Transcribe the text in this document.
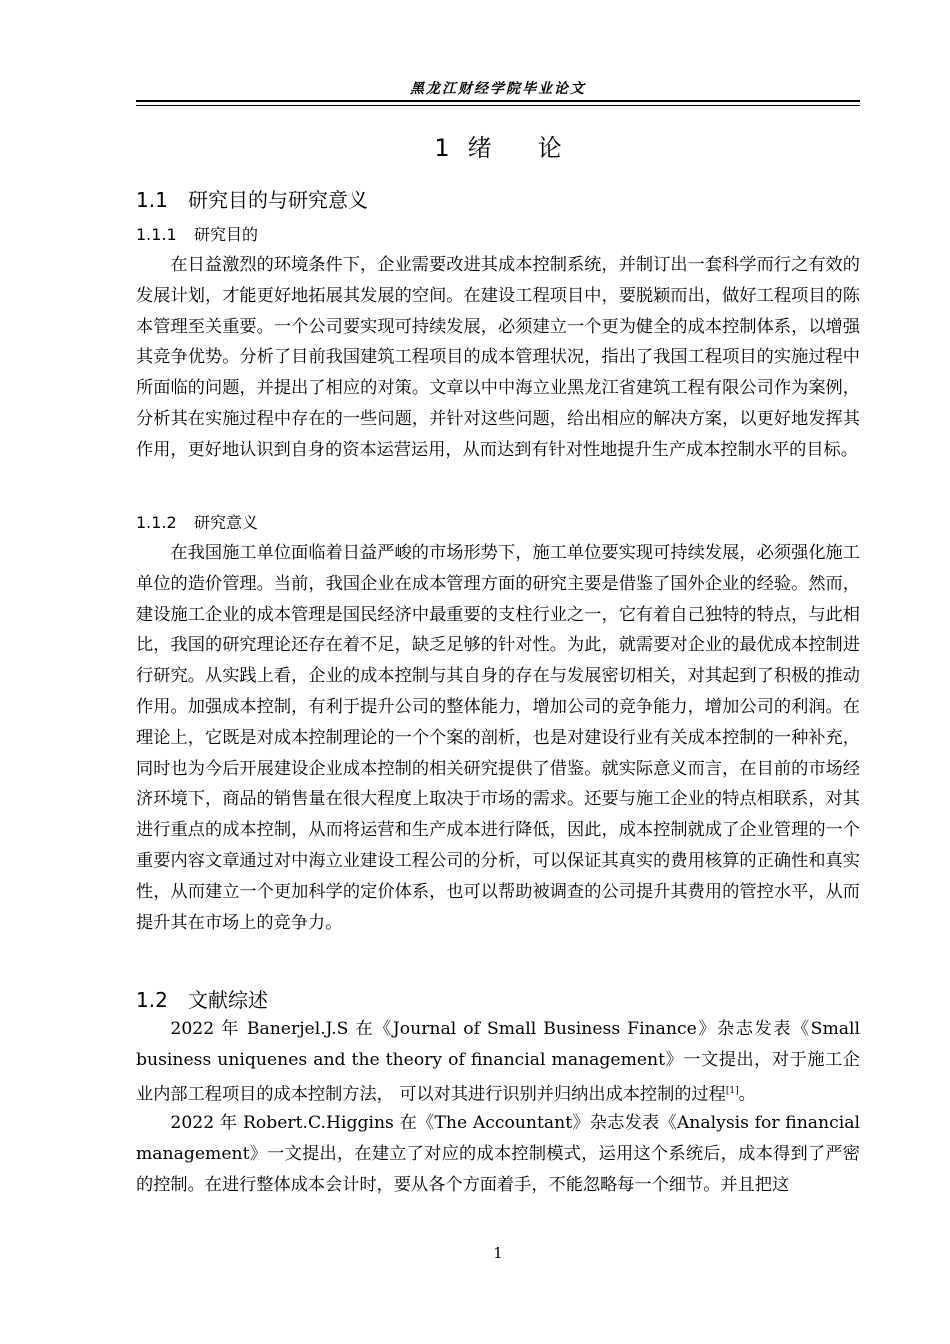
黑龙江财经学院毕业论文
1 绪 论
1.1 研究目的与研究意义
1.1.1 研究目的

在日益激烈的环境条件下，企业需要改进其成本控制系统，并制订出一套科学而行之有效的发展计划，才能更好地拓展其发展的空间。在建设工程项目中，要脱颖而出，做好工程项目的陈本管理至关重要。一个公司要实现可持续发展，必须建立一个更为健全的成本控制体系，以增强其竞争优势。分析了目前我国建筑工程项目的成本管理状况，指出了我国工程项目的实施过程中所面临的问题，并提出了相应的对策。文章以中中海立业黑龙江省建筑工程有限公司作为案例，分析其在实施过程中存在的一些问题，并针对这些问题，给出相应的解决方案，以更好地发挥其作用，更好地认识到自身的资本运营运用，从而达到有针对性地提升生产成本控制水平的目标。

1.1.2 研究意义

在我国施工单位面临着日益严峻的市场形势下，施工单位要实现可持续发展，必须强化施工单位的造价管理。当前，我国企业在成本管理方面的研究主要是借鉴了国外企业的经验。然而，建设施工企业的成本管理是国民经济中最重要的支柱行业之一，它有着自己独特的特点，与此相比，我国的研究理论还存在着不足，缺乏足够的针对性。为此，就需要对企业的最优成本控制进行研究。从实践上看，企业的成本控制与其自身的存在与发展密切相关，对其起到了积极的推动作用。加强成本控制，有利于提升公司的整体能力，增加公司的竞争能力，增加公司的利润。在理论上，它既是对成本控制理论的一个个案的剖析，也是对建设行业有关成本控制的一种补充，同时也为今后开展建设企业成本控制的相关研究提供了借鉴。就实际意义而言，在目前的市场经济环境下，商品的销售量在很大程度上取决于市场的需求。还要与施工企业的特点相联系，对其进行重点的成本控制，从而将运营和生产成本进行降低，因此，成本控制就成了企业管理的一个重要内容文章通过对中海立业建设工程公司的分析，可以保证其真实的费用核算的正确性和真实性，从而建立一个更加科学的定价体系，也可以帮助被调查的公司提升其费用的管控水平，从而提升其在市场上的竞争力。

1.2 文献综述

2022 年 Banerjel.J.S 在《Journal of Small Business Finance》杂志发表《Small business uniquenes and the theory of financial management》一文提出，对于施工企业内部工程项目的成本控制方法， 可以对其进行识别并归纳出成本控制的过程[1]。

2022 年 Robert.C.Higgins 在《The Accountant》杂志发表《Analysis for financial management》一文提出，在建立了对应的成本控制模式，运用这个系统后，成本得到了严密的控制。在进行整体成本会计时，要从各个方面着手，不能忽略每一个细节。并且把这

1
